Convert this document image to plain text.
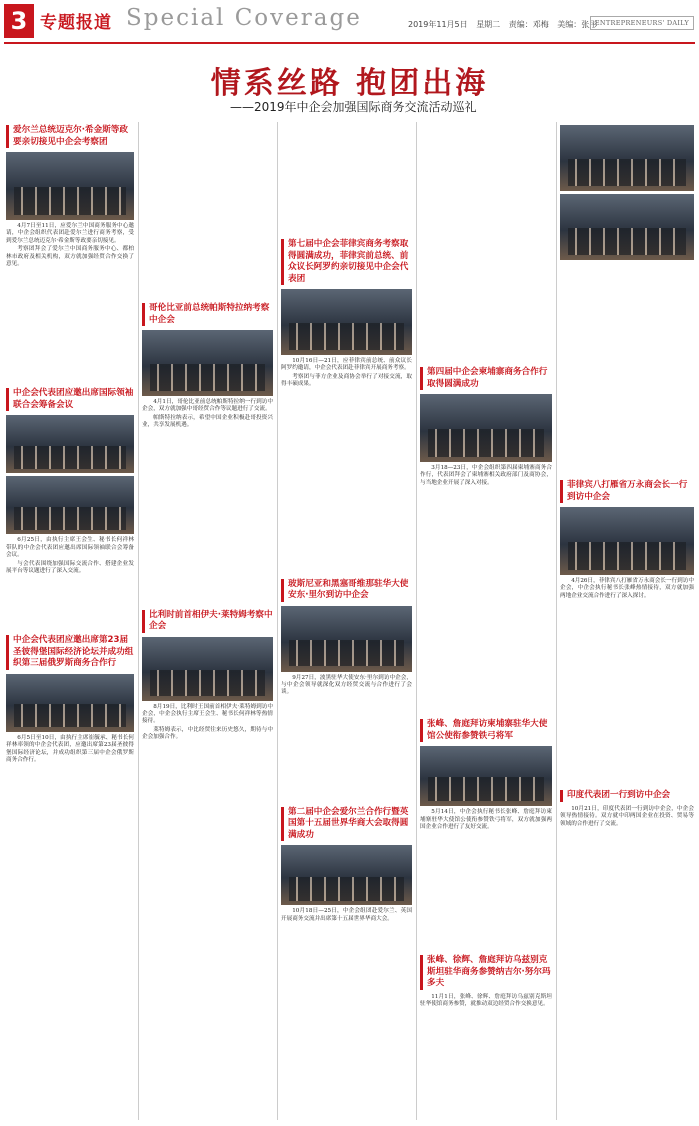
3 专题报道 Special Coverage	2019年11月5日 星期二 责编：邓梅 美编：张彤
ENTREPRENEURS' DAILY
情系丝路 抱团出海
——2019年中企会加强国际商务交流活动巡礼
爱尔兰总统迈克尔·希金斯等政要亲切接见中企会考察团

4月7日至11日，应爱尔兰中国商务服务中心邀请，中企会组织代表团赴爱尔兰进行商务考察，受到爱尔兰总统迈克尔·希金斯等政要亲切接见。

考察团拜会了爱尔兰中国商务服务中心、都柏林市政府及相关机构，双方就加强经贸合作交换了意见。

中企会代表团应邀出席国际领袖联合会筹备会议

6月25日，由执行主席王会生、秘书长何祥林带队的中企会代表团应邀出席国际领袖联合会筹备会议。

与会代表围绕加强国际交流合作、搭建企业发展平台等议题进行了深入交流。

中企会代表团应邀出席第23届圣彼得堡国际经济论坛并成功组织第三届俄罗斯商务合作行

6月5日至10日，由执行主席崔毓承、秘书长何祥林率领的中企会代表团，应邀出席第23届圣彼得堡国际经济论坛，并成功组织第三届中企会俄罗斯商务合作行。

哥伦比亚前总统帕斯特拉纳考察中企会

4月1日，哥伦比亚前总统帕斯特拉纳一行到访中企会，双方就加强中哥经贸合作等议题进行了交流。

帕斯特拉纳表示，希望中国企业积极赴哥投资兴业，共享发展机遇。

比利时前首相伊夫·莱特姆考察中企会

8月19日，比利时王国前首相伊夫·莱特姆到访中企会，中企会执行主席王会生、秘书长何祥林等热情接待。

莱特姆表示，中比经贸往来历史悠久，期待与中企会加强合作。

第七届中企会菲律宾商务考察取得圆满成功，菲律宾前总统、前众议长阿罗约亲切接见中企会代表团

10月16日—21日，应菲律宾前总统、前众议长阿罗约邀请，中企会代表团赴菲律宾开展商务考察。

考察团与菲方企业及商协会举行了对接交流，取得丰硕成果。

玻斯尼亚和黑塞哥维那驻华大使安东·里尔到访中企会

9月27日，波黑驻华大使安东·里尔到访中企会，与中企会领导就深化双方经贸交流与合作进行了会谈。

第二届中企会爱尔兰合作行暨英国第十五届世界华商大会取得圆满成功

10月18日—25日，中企会组团赴爱尔兰、英国开展商务交流并出席第十五届世界华商大会。

第四届中企会柬埔寨商务合作行取得圆满成功

3月18—23日，中企会组织第四届柬埔寨商务合作行，代表团拜会了柬埔寨相关政府部门及商协会，与当地企业开展了深入对接。

张峰、詹庭拜访柬埔寨驻华大使馆公使衔参赞铁弓将军

5月14日，中企会执行秘书长张峰、詹庭拜访柬埔寨驻华大使馆公使衔参赞铁弓将军，双方就加强两国企业合作进行了友好交流。

张峰、徐辉、詹庭拜访乌兹别克斯坦驻华商务参赞纳吉尔·努尔玛多夫

11月1日，张峰、徐辉、詹庭拜访乌兹别克斯坦驻华使馆商务参赞，就推动双边经贸合作交换意见。

菲律宾八打雁省万永商会长一行到访中企会

4月26日，菲律宾八打雁省万永商会长一行到访中企会，中企会执行秘书长张峰热情接待，双方就加强两地企业交流合作进行了深入探讨。

印度代表团一行到访中企会

10月21日，印度代表团一行到访中企会，中企会领导热情接待。双方就中印两国企业在投资、贸易等领域的合作进行了交流。
